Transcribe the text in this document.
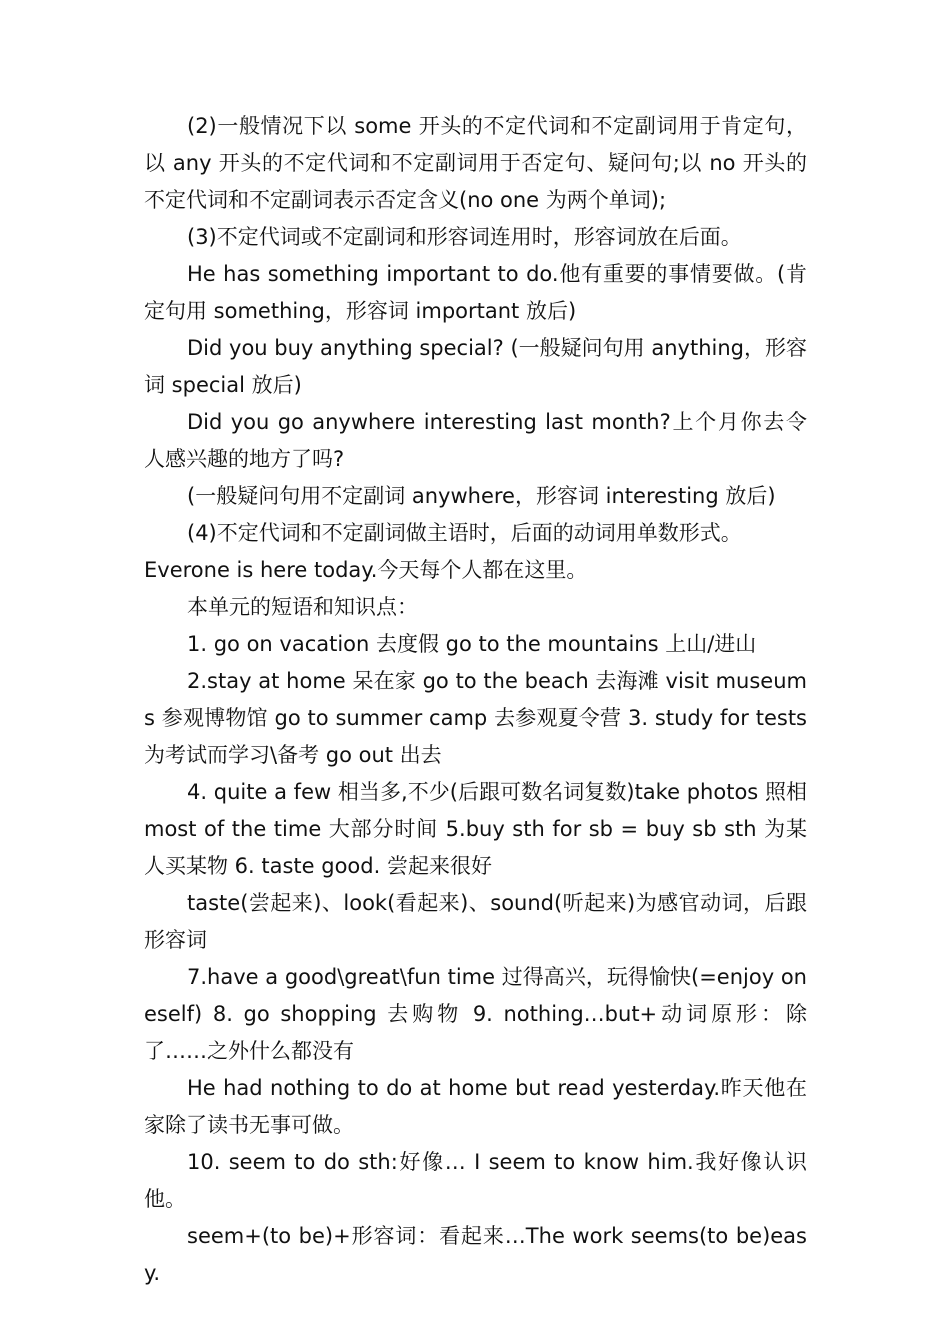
(2)一般情况下以 some 开头的不定代词和不定副词用于肯定句，以 any 开头的不定代词和不定副词用于否定句、疑问句;以 no 开头的不定代词和不定副词表示否定含义(no one 为两个单词);

(3)不定代词或不定副词和形容词连用时，形容词放在后面。

He has something important to do.他有重要的事情要做。(肯定句用 something，形容词 important 放后)

Did you buy anything special? (一般疑问句用 anything，形容词 special 放后)

Did you go anywhere interesting last month?上个月你去令人感兴趣的地方了吗?

(一般疑问句用不定副词 anywhere，形容词 interesting 放后)

(4)不定代词和不定副词做主语时，后面的动词用单数形式。

Everone is here today.今天每个人都在这里。

本单元的短语和知识点：

1. go on vacation 去度假 go to the mountains 上山/进山

2.stay at home 呆在家 go to the beach 去海滩 visit museums 参观博物馆 go to summer camp 去参观夏令营 3. study for tests 为考试而学习\备考 go out 出去

4. quite a few 相当多,不少(后跟可数名词复数)take photos 照相 most of the time 大部分时间 5.buy sth for sb = buy sb sth 为某人买某物 6. taste good. 尝起来很好

taste(尝起来)、look(看起来)、sound(听起来)为感官动词，后跟形容词

7.have a good\great\fun time 过得高兴，玩得愉快(=enjoy oneself) 8. go shopping 去购物 9. nothing…but+动词原形：除了……之外什么都没有

He had nothing to do at home but read yesterday.昨天他在家除了读书无事可做。

10. seem to do sth:好像… I seem to know him.我好像认识他。

seem+(to be)+形容词：看起来…The work seems(to be)easy.
